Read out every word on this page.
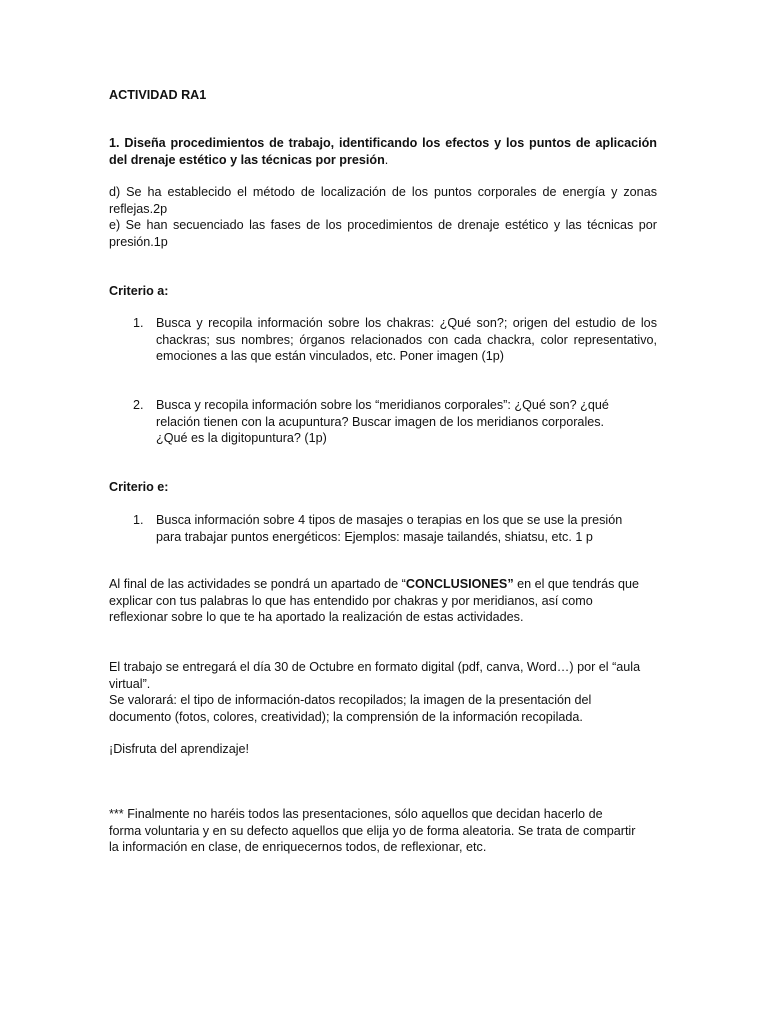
ACTIVIDAD RA1
1. Diseña procedimientos de trabajo, identificando los efectos y los puntos de aplicación del drenaje estético y las técnicas por presión.
d) Se ha establecido el método de localización de los puntos corporales de energía y zonas reflejas.2p
e) Se han secuenciado las fases de los procedimientos de drenaje estético y las técnicas por presión.1p
Criterio a:
1. Busca y recopila información sobre los chakras: ¿Qué son?; origen del estudio de los chackras; sus nombres; órganos relacionados con cada chackra, color representativo, emociones a las que están vinculados, etc. Poner imagen (1p)
2. Busca y recopila información sobre los “meridianos corporales”: ¿Qué son? ¿qué

relación tienen con la acupuntura? Buscar imagen de los meridianos corporales.

¿Qué es la digitopuntura? (1p)

Criterio e:
1. Busca información sobre 4 tipos de masajes o terapias en los que se use la presión

para trabajar puntos energéticos: Ejemplos: masaje tailandés, shiatsu, etc. 1 p

Al final de las actividades se pondrá un apartado de “CONCLUSIONES” en el que tendrás que

explicar con tus palabras lo que has entendido por chakras y por meridianos, así como

reflexionar sobre lo que te ha aportado la realización de estas actividades.

El trabajo se entregará el día 30 de Octubre en formato digital (pdf, canva, Word…) por el “aula

virtual”.

Se valorará: el tipo de información-datos recopilados; la imagen de la presentación del

documento (fotos, colores, creatividad); la comprensión de la información recopilada.

¡Disfruta del aprendizaje!

*** Finalmente no haréis todos las presentaciones, sólo aquellos que decidan hacerlo de

forma voluntaria y en su defecto aquellos que elija yo de forma aleatoria. Se trata de compartir

la información en clase, de enriquecernos todos, de reflexionar, etc.
